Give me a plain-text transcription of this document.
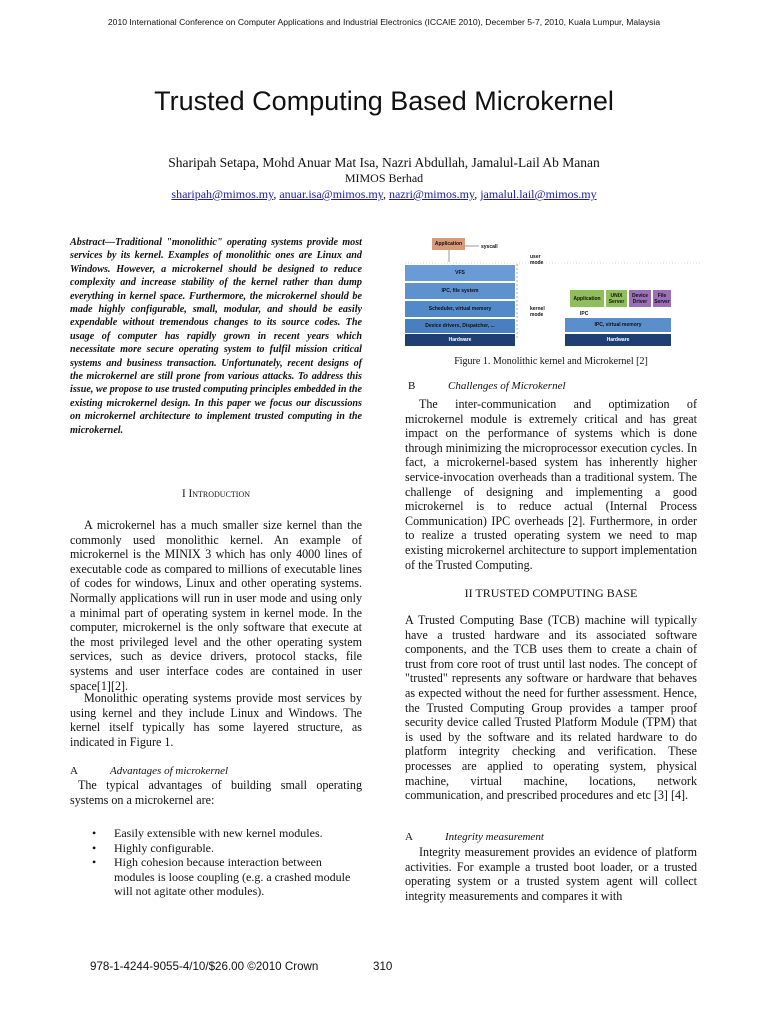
2010 International Conference on Computer Applications and Industrial Electronics (ICCAIE 2010), December 5-7, 2010, Kuala Lumpur, Malaysia
Trusted Computing Based Microkernel
Sharipah Setapa, Mohd Anuar Mat Isa, Nazri Abdullah, Jamalul-Lail Ab Manan
MIMOS Berhad
sharipah@mimos.my, anuar.isa@mimos.my, nazri@mimos.my, jamalul.lail@mimos.my
Abstract—Traditional "monolithic" operating systems provide most services by its kernel. Examples of monolithic ones are Linux and Windows. However, a microkernel should be designed to reduce complexity and increase stability of the kernel rather than dump everything in kernel space. Furthermore, the microkernel should be made highly configurable, small, modular, and should be easily expendable without tremendous changes to its source codes. The usage of computer has rapidly grown in recent years which necessitate more secure operating system to fulfil mission critical systems and business transaction. Unfortunately, recent designs of the microkernel are still prone from various attacks. To address this issue, we propose to use trusted computing principles embedded in the existing microkernel design. In this paper we focus our discussions on microkernel architecture to implement trusted computing in the microkernel.
I Introduction
A microkernel has a much smaller size kernel than the commonly used monolithic kernel. An example of microkernel is the MINIX 3 which has only 4000 lines of executable code as compared to millions of executable lines of codes for windows, Linux and other operating systems. Normally applications will run in user mode and using only a minimal part of operating system in kernel mode. In the computer, microkernel is the only software that execute at the most privileged level and the other operating system services, such as device drivers, protocol stacks, file systems and user interface codes are contained in user space[1][2].
Monolithic operating systems provide most services by using kernel and they include Linux and Windows. The kernel itself typically has some layered structure, as indicated in Figure 1.
A	Advantages of microkernel
The typical advantages of building small operating systems on a microkernel are:
• Easily extensible with new kernel modules.
• Highly configurable.
• High cohesion because interaction between modules is loose coupling (e.g. a crashed module will not agitate other modules).
Application	syscall
user mode
kernel mode
VFS
IPC, file system
Scheduler, virtual memory
Device drivers, Dispatcher, ...
Hardware
Application	UNIX Server
Device Driver
File Server
IPC
IPC, virtual memory
Hardware
Figure 1. Monolithic kernel and Microkernel [2]
B	Challenges of Microkernel
The inter-communication and optimization of microkernel module is extremely critical and has great impact on the performance of systems which is done through minimizing the microprocessor execution cycles. In fact, a microkernel-based system has inherently higher service-invocation overheads than a traditional system. The challenge of designing and implementing a good microkernel is to reduce actual (Internal Process Communication) IPC overheads [2]. Furthermore, in order to realize a trusted operating system we need to map existing microkernel architecture to support implementation of the Trusted Computing.
II TRUSTED COMPUTING BASE
A Trusted Computing Base (TCB) machine will typically have a trusted hardware and its associated software components, and the TCB uses them to create a chain of trust from core root of trust until last nodes. The concept of "trusted" represents any software or hardware that behaves as expected without the need for further assessment. Hence, the Trusted Computing Group provides a tamper proof security device called Trusted Platform Module (TPM) that is used by the software and its related hardware to do platform integrity checking and verification. These processes are applied to operating system, physical machine, virtual machine, locations, network communication, and prescribed procedures and etc [3] [4].
A	Integrity measurement
Integrity measurement provides an evidence of platform activities. For example a trusted boot loader, or a trusted operating system or a trusted system agent will collect integrity measurements and compares it with
978-1-4244-9055-4/10/$26.00 ©2010 Crown	310
